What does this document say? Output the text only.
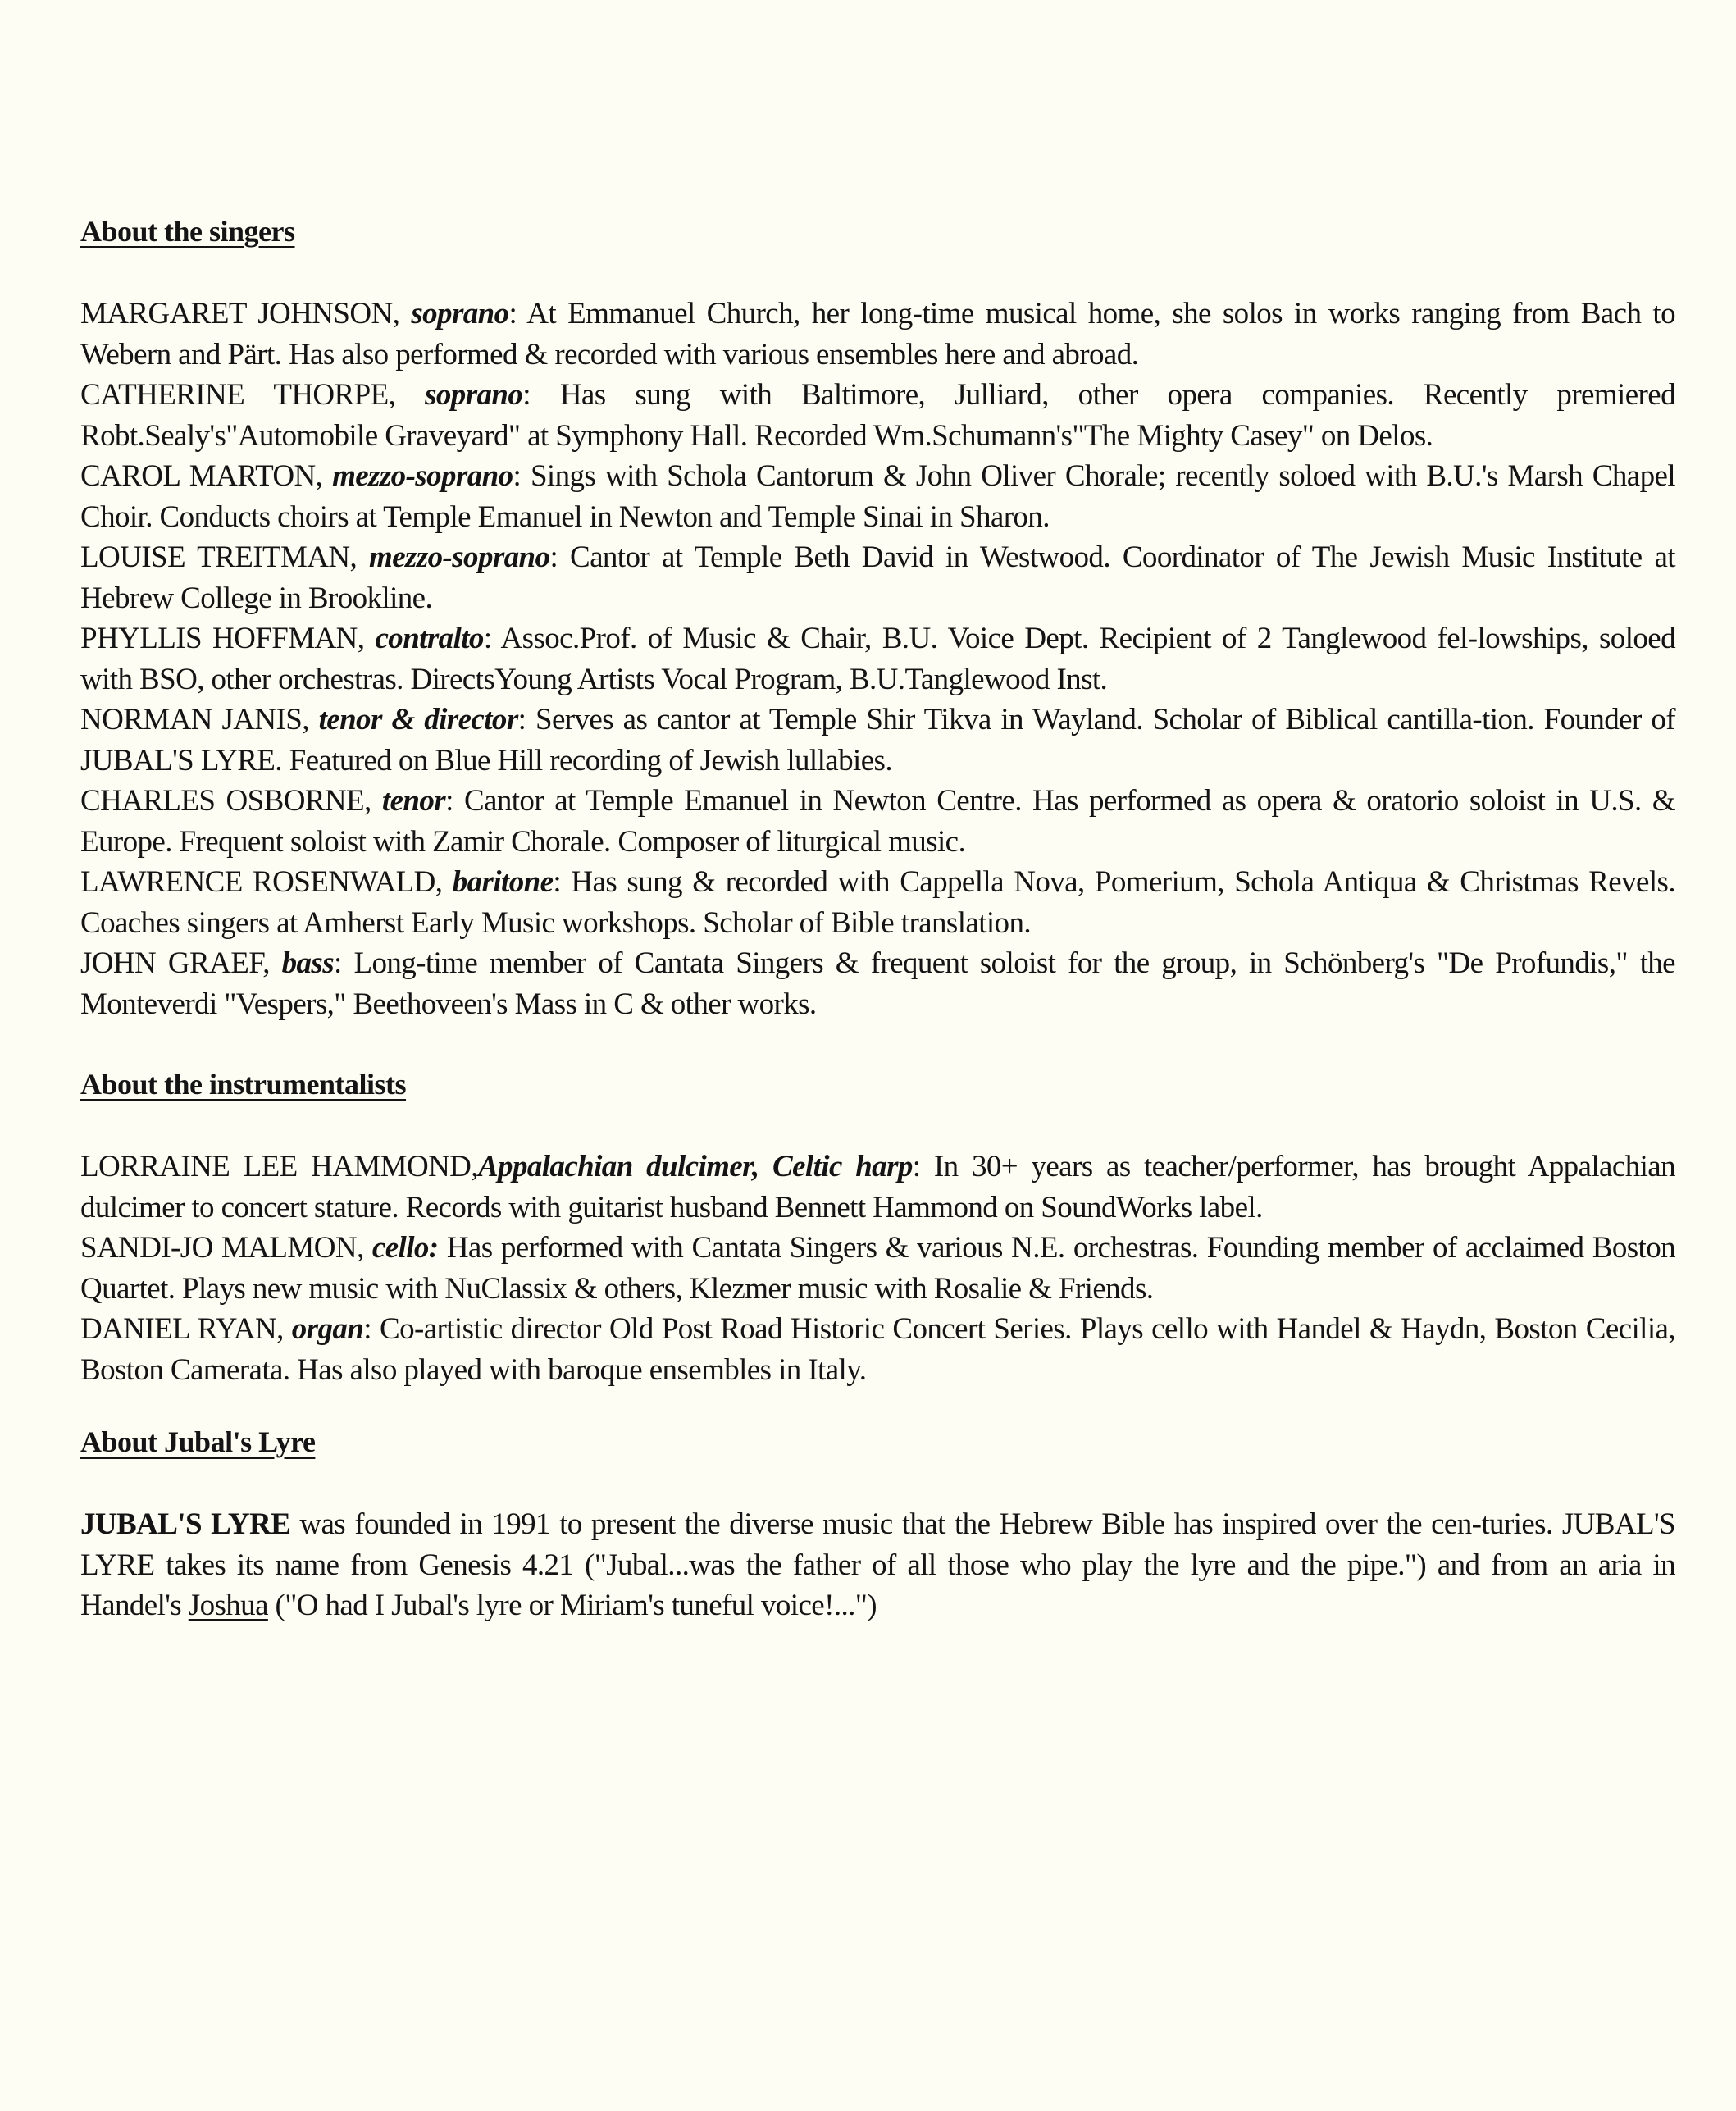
About the singers

MARGARET JOHNSON, soprano: At Emmanuel Church, her long-time musical home, she solos in works ranging from Bach to Webern and Pärt. Has also performed & recorded with various ensembles here and abroad.

CATHERINE THORPE, soprano: Has sung with Baltimore, Julliard, other opera companies. Recently premiered Robt.Sealy's"Automobile Graveyard" at Symphony Hall. Recorded Wm.Schumann's"The Mighty Casey" on Delos.

CAROL MARTON, mezzo-soprano: Sings with Schola Cantorum & John Oliver Chorale; recently soloed with B.U.'s Marsh Chapel Choir. Conducts choirs at Temple Emanuel in Newton and Temple Sinai in Sharon.

LOUISE TREITMAN, mezzo-soprano: Cantor at Temple Beth David in Westwood. Coordinator of The Jewish Music Institute at Hebrew College in Brookline.

PHYLLIS HOFFMAN, contralto: Assoc.Prof. of Music & Chair, B.U. Voice Dept. Recipient of 2 Tanglewood fel-lowships, soloed with BSO, other orchestras. DirectsYoung Artists Vocal Program, B.U.Tanglewood Inst.

NORMAN JANIS, tenor & director: Serves as cantor at Temple Shir Tikva in Wayland. Scholar of Biblical cantilla-tion. Founder of JUBAL'S LYRE. Featured on Blue Hill recording of Jewish lullabies.

CHARLES OSBORNE, tenor: Cantor at Temple Emanuel in Newton Centre. Has performed as opera & oratorio soloist in U.S. & Europe. Frequent soloist with Zamir Chorale. Composer of liturgical music.

LAWRENCE ROSENWALD, baritone: Has sung & recorded with Cappella Nova, Pomerium, Schola Antiqua & Christmas Revels. Coaches singers at Amherst Early Music workshops. Scholar of Bible translation.

JOHN GRAEF, bass: Long-time member of Cantata Singers & frequent soloist for the group, in Schönberg's "De Profundis," the Monteverdi "Vespers," Beethoveen's Mass in C & other works.

About the instrumentalists

LORRAINE LEE HAMMOND,Appalachian dulcimer, Celtic harp: In 30+ years as teacher/performer, has brought Appalachian dulcimer to concert stature. Records with guitarist husband Bennett Hammond on SoundWorks label.

SANDI-JO MALMON, cello: Has performed with Cantata Singers & various N.E. orchestras. Founding member of acclaimed Boston Quartet. Plays new music with NuClassix & others, Klezmer music with Rosalie & Friends.

DANIEL RYAN, organ: Co-artistic director Old Post Road Historic Concert Series. Plays cello with Handel & Haydn, Boston Cecilia, Boston Camerata. Has also played with baroque ensembles in Italy.

About Jubal's Lyre

JUBAL'S LYRE was founded in 1991 to present the diverse music that the Hebrew Bible has inspired over the cen-turies. JUBAL'S LYRE takes its name from Genesis 4.21 ("Jubal...was the father of all those who play the lyre and the pipe.") and from an aria in Handel's Joshua ("O had I Jubal's lyre or Miriam's tuneful voice!...")
